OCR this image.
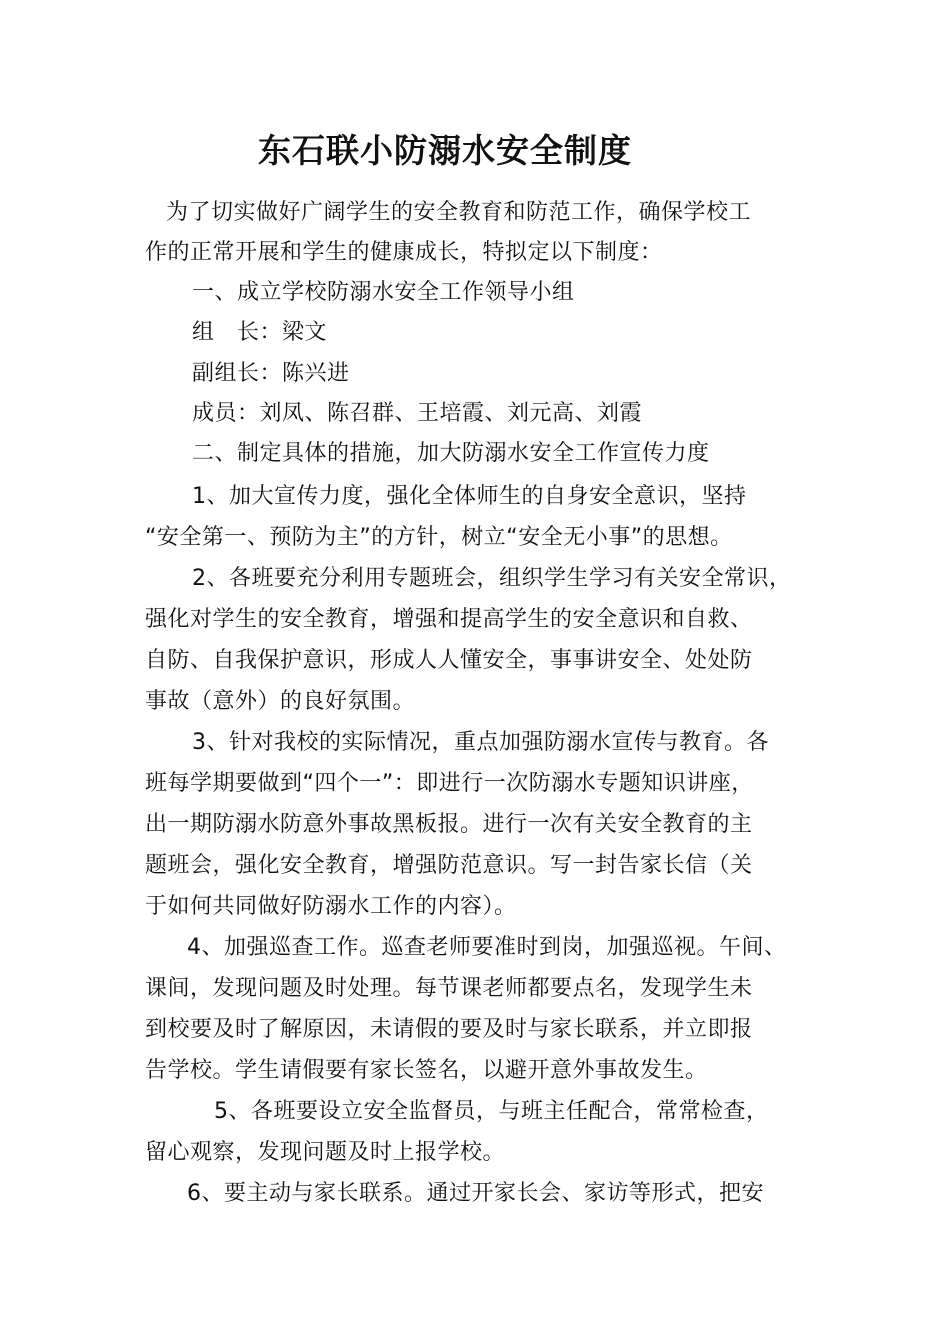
东石联小防溺水安全制度
为了切实做好广阔学生的安全教育和防范工作，确保学校工
作的正常开展和学生的健康成长，特拟定以下制度：
一、成立学校防溺水安全工作领导小组
组   长：梁文
副组长：陈兴进
成员：刘凤、陈召群、王培霞、刘元高、刘霞
二、制定具体的措施，加大防溺水安全工作宣传力度
1、加大宣传力度，强化全体师生的自身安全意识，坚持
“安全第一、预防为主”的方针，树立“安全无小事”的思想。
2、各班要充分利用专题班会，组织学生学习有关安全常识，
强化对学生的安全教育，增强和提高学生的安全意识和自救、
自防、自我保护意识，形成人人懂安全，事事讲安全、处处防
事故（意外）的良好氛围。
3、针对我校的实际情况，重点加强防溺水宣传与教育。各
班每学期要做到“四个一”：即进行一次防溺水专题知识讲座，
出一期防溺水防意外事故黑板报。进行一次有关安全教育的主
题班会，强化安全教育，增强防范意识。写一封告家长信（关
于如何共同做好防溺水工作的内容）。
4、加强巡查工作。巡查老师要准时到岗，加强巡视。午间、
课间，发现问题及时处理。每节课老师都要点名，发现学生未
到校要及时了解原因，未请假的要及时与家长联系，并立即报
告学校。学生请假要有家长签名，以避开意外事故发生。
5、各班要设立安全监督员，与班主任配合，常常检查，
留心观察，发现问题及时上报学校。
6、要主动与家长联系。通过开家长会、家访等形式，把安
